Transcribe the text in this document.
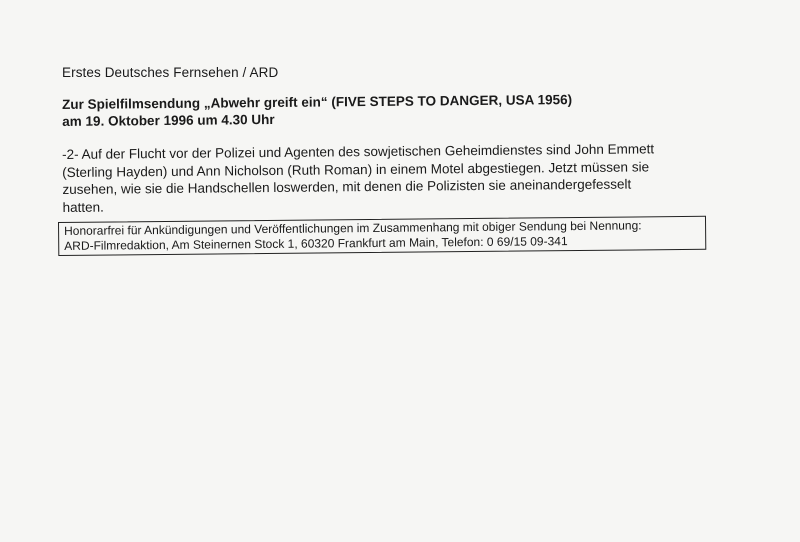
Erstes Deutsches Fernsehen / ARD
Zur Spielfilmsendung „Abwehr greift ein“ (FIVE STEPS TO DANGER, USA 1956)
am 19. Oktober 1996 um 4.30 Uhr
-2- Auf der Flucht vor der Polizei und Agenten des sowjetischen Geheimdienstes sind John Emmett
(Sterling Hayden) und Ann Nicholson (Ruth Roman) in einem Motel abgestiegen. Jetzt müssen sie
zusehen, wie sie die Handschellen loswerden, mit denen die Polizisten sie aneinandergefesselt
hatten.
Honorarfrei für Ankündigungen und Veröffentlichungen im Zusammenhang mit obiger Sendung bei Nennung:
ARD-Filmredaktion, Am Steinernen Stock 1, 60320 Frankfurt am Main, Telefon: 0 69/15 09-341
